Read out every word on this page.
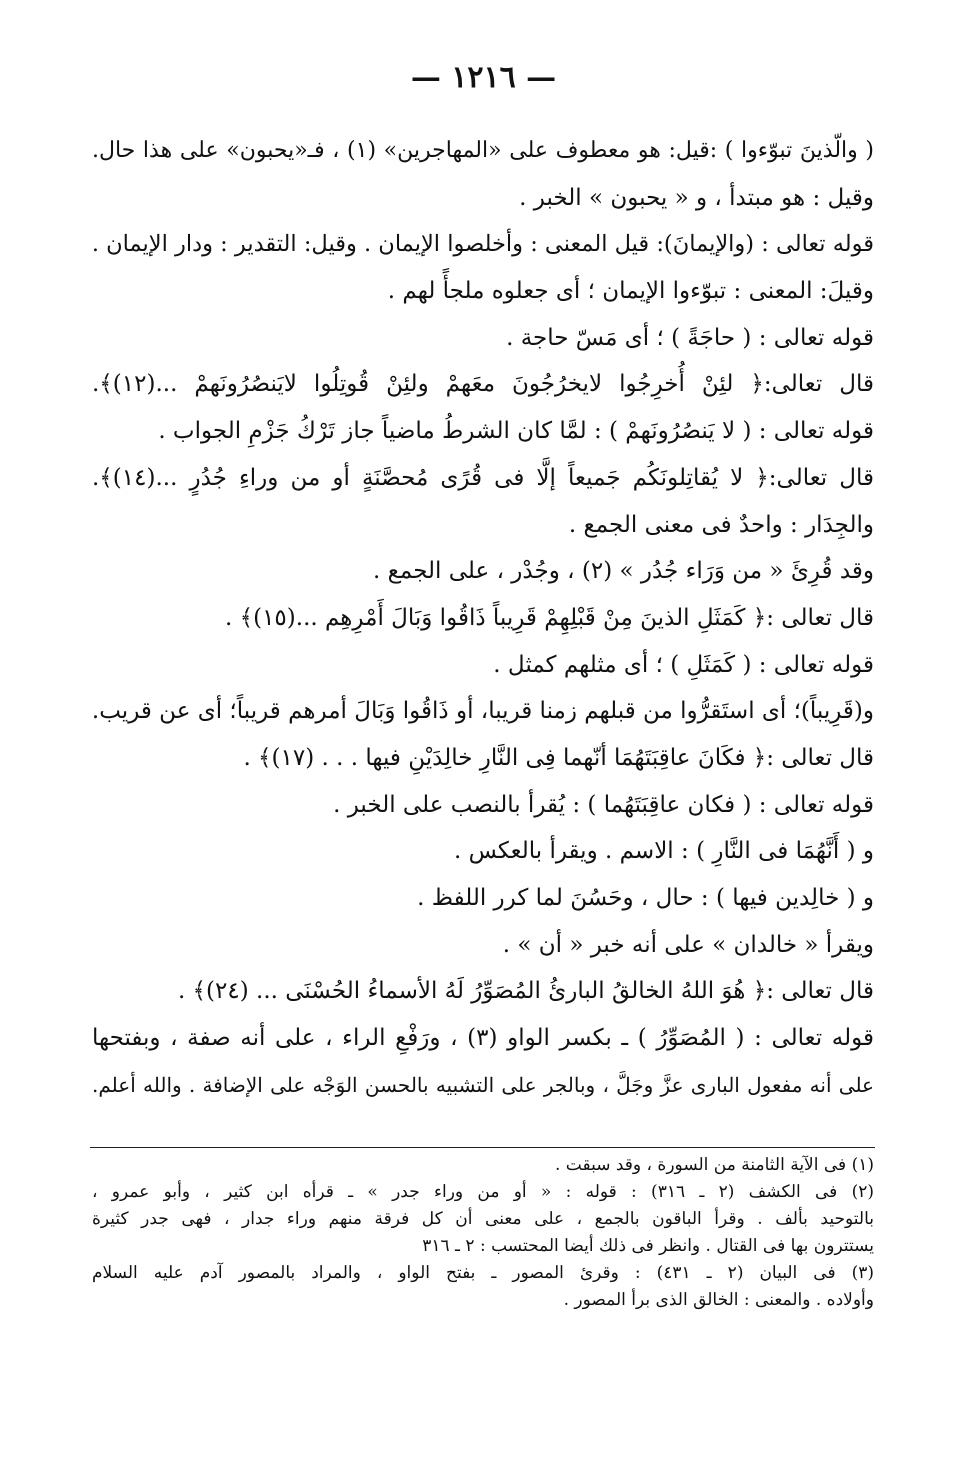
— ١٢١٦ —
( والّذينَ تبوّءوا ) :قيل: هو معطوف على «المهاجرين» (١) ، فـ«يحبون» على هذا حال.
وقيل : هو مبتدأ ، و « يحبون » الخبر .
قوله تعالى : (والإيمانَ): قيل المعنى : وأخلصوا الإيمان . وقيل: التقدير : ودار الإيمان .
وقيلَ: المعنى : تبوّءوا الإيمان ؛ أى جعلوه ملجأً لهم .
قوله تعالى : ( حاجَةً ) ؛ أى مَسّ حاجة .
قال تعالى:﴿ لئِنْ أُخرِجُوا لايخرُجُونَ معَهمْ ولئِنْ قُوتِلُوا لايَنصُرُونَهمْ ...(١٢)﴾.
قوله تعالى : ( لا يَنصُرُونَهمْ ) : لمَّا كان الشرطُ ماضياً جاز تَرْكُ جَزْمِ الجواب .
قال تعالى:﴿ لا يُقاتِلونَكُم جَميعاً إلَّا فى قُرًى مُحصَّنَةٍ أو من وراءِ جُدُرٍ ...(١٤)﴾.
والجِدَار : واحدٌ فى معنى الجمع .
وقد قُرِئَ « من وَرَاء جُدُر » (٢) ، وجُدْر ، على الجمع .
قال تعالى :﴿ كَمَثَلِ الذينَ مِنْ قَبْلِهِمْ قَرِيباً ذَاقُوا وَبَالَ أَمْرِهِم ...(١٥)﴾ .
قوله تعالى : ( كَمَثَلِ ) ؛ أى مثلهم كمثل .
و(قَرِيباً)؛ أى استَقرُّوا من قبلهم زمنا قريبا، أو ذَاقُوا وَبَالَ أمرهم قريباً؛ أى عن قريب.
قال تعالى :﴿ فكَانَ عاقِبَتَهُمَا أنّهما فِى النَّارِ خالِدَيْنِ فيها . . . (١٧)﴾ .
قوله تعالى : ( فكان عاقِبَتَهُما ) : يُقرأ بالنصب على الخبر .
و ( أَنَّهُمَا فى النَّارِ ) : الاسم . ويقرأ بالعكس .
و ( خالِدين فيها ) : حال ، وحَسُنَ لما كرر اللفظ .
ويقرأ « خالدان » على أنه خبر « أن » .
قال تعالى :﴿ هُوَ اللهُ الخالقُ البارئُ المُصَوِّرُ لَهُ الأسماءُ الحُسْنَى ... (٢٤)﴾ .
قوله تعالى : ( المُصَوِّرُ ) ـ بكسر الواو (٣) ، ورَفْعِ الراء ، على أنه صفة ، وبفتحها
على أنه مفعول البارى عزَّ وجَلَّ ، وبالجر على التشبيه بالحسن الوَجْه على الإضافة . والله أعلم.
(١) فى الآية الثامنة من السورة ، وقد سبقت .
(٢) فى الكشف (٢ ـ ٣١٦) : قوله : « أو من وراء جدر » ـ قرأه ابن كثير ، وأبو عمرو ،
بالتوحيد بألف . وقرأ الباقون بالجمع ، على معنى أن كل فرقة منهم وراء جدار ، فهى جدر كثيرة
يستترون بها فى القتال . وانظر فى ذلك أيضا المحتسب : ٢ ـ ٣١٦
(٣) فى البيان (٢ ـ ٤٣١) : وقرئ المصور ـ بفتح الواو ، والمراد بالمصور آدم عليه السلام
وأولاده . والمعنى : الخالق الذى برأ المصور .
